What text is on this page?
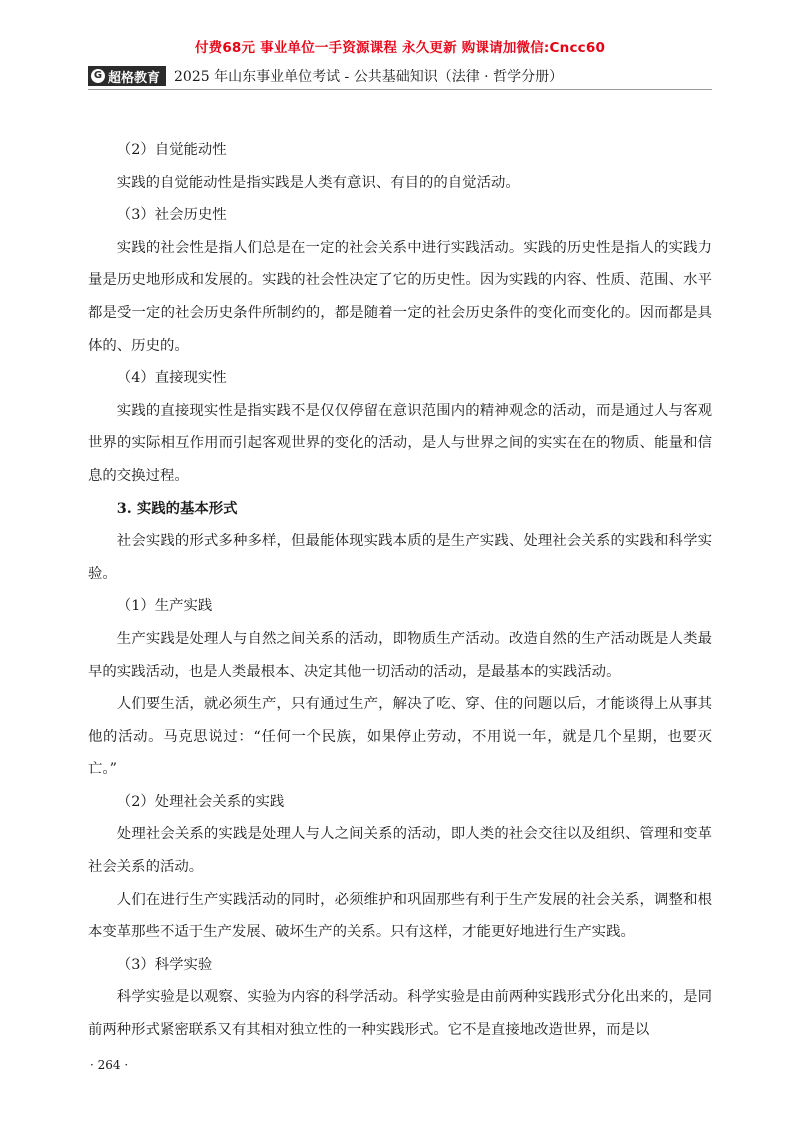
付费68元 事业单位一手资源课程 永久更新 购课请加微信:Cncc60
G 超格教育 2025 年山东事业单位考试 - 公共基础知识（法律 · 哲学分册）

（2）自觉能动性

实践的自觉能动性是指实践是人类有意识、有目的的自觉活动。

（3）社会历史性

实践的社会性是指人们总是在一定的社会关系中进行实践活动。实践的历史性是指人的实践力量是历史地形成和发展的。实践的社会性决定了它的历史性。因为实践的内容、性质、范围、水平都是受一定的社会历史条件所制约的，都是随着一定的社会历史条件的变化而变化的。因而都是具体的、历史的。

（4）直接现实性

实践的直接现实性是指实践不是仅仅停留在意识范围内的精神观念的活动，而是通过人与客观世界的实际相互作用而引起客观世界的变化的活动，是人与世界之间的实实在在的物质、能量和信息的交换过程。

3. 实践的基本形式

社会实践的形式多种多样，但最能体现实践本质的是生产实践、处理社会关系的实践和科学实验。

（1）生产实践

生产实践是处理人与自然之间关系的活动，即物质生产活动。改造自然的生产活动既是人类最早的实践活动，也是人类最根本、决定其他一切活动的活动，是最基本的实践活动。

人们要生活，就必须生产，只有通过生产，解决了吃、穿、住的问题以后，才能谈得上从事其他的活动。马克思说过：“任何一个民族，如果停止劳动，不用说一年，就是几个星期，也要灭亡。”

（2）处理社会关系的实践

处理社会关系的实践是处理人与人之间关系的活动，即人类的社会交往以及组织、管理和变革社会关系的活动。

人们在进行生产实践活动的同时，必须维护和巩固那些有利于生产发展的社会关系，调整和根本变革那些不适于生产发展、破坏生产的关系。只有这样，才能更好地进行生产实践。

（3）科学实验

科学实验是以观察、实验为内容的科学活动。科学实验是由前两种实践形式分化出来的，是同前两种形式紧密联系又有其相对独立性的一种实践形式。它不是直接地改造世界，而是以

· 264 ·
